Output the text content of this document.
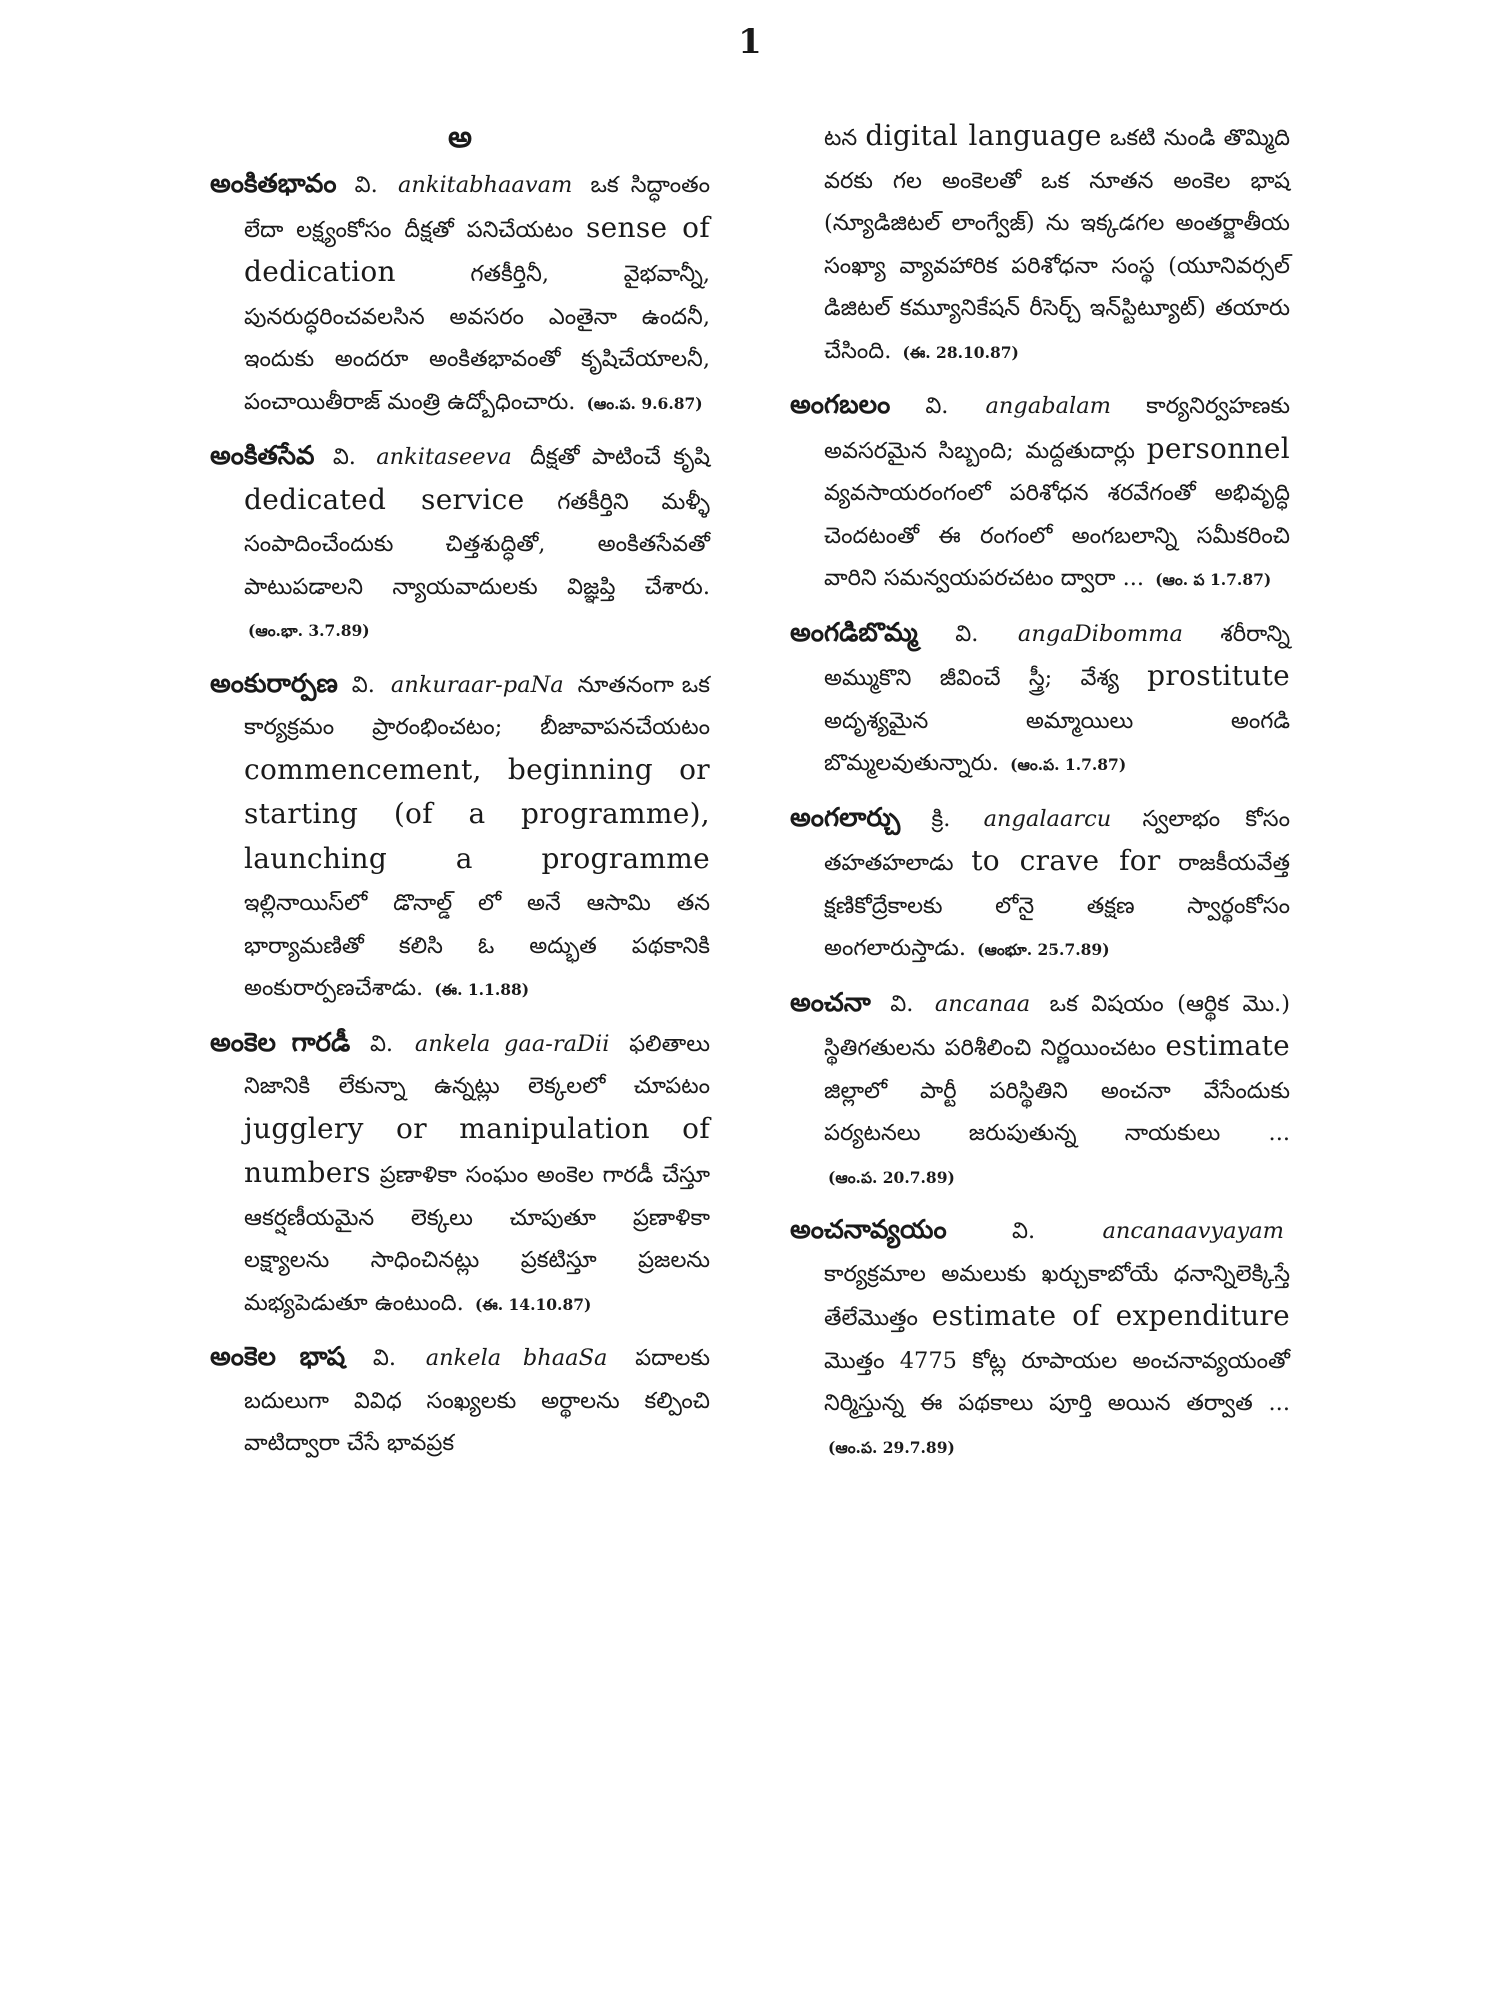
1
అ

అంకితభావం వి. ankitabhaavam ఒక సిద్ధాంతం లేదా లక్ష్యంకోసం దీక్షతో పనిచేయటం sense of dedication	గతకీర్తినీ, వైభవాన్నీ, పునరుద్ధరించవలసిన అవసరం ఎంతైనా ఉందనీ, ఇందుకు అందరూ అంకితభావంతో కృషిచేయాలనీ, పంచాయితీరాజ్ మంత్రి ఉద్బోధించారు. (ఆం.ప. 9.6.87)

అంకితసేవ వి. ankitaseeva దీక్షతో పాటించే కృషి dedicated service గతకీర్తిని మళ్ళీ సంపాదించేందుకు చిత్తశుద్ధితో, అంకితసేవతో పాటుపడాలని న్యాయవాదులకు విజ్ఞప్తి చేశారు. (ఆం.భా. 3.7.89)

అంకురార్పణ వి. ankuraar-paNa నూతనంగా ఒక కార్యక్రమం ప్రారంభించటం; బీజావాపనచేయటం commencement, beginning or starting (of a programme), launching a programme ఇల్లినాయిస్‌లో డొనాల్డ్ లో అనే ఆసామి తన భార్యామణితో కలిసి ఓ అద్భుత పథకానికి అంకురార్పణచేశాడు. (ఈ. 1.1.88)

అంకెల గారడీ వి. ankela gaa-raDii ఫలితాలు నిజానికి లేకున్నా ఉన్నట్లు లెక్కలలో చూపటం jugglery or manipulation of numbers ప్రణాళికా సంఘం అంకెల గారడీ చేస్తూ ఆకర్షణీయమైన లెక్కలు చూపుతూ ప్రణాళికా లక్ష్యాలను సాధించినట్లు ప్రకటిస్తూ ప్రజలను మభ్యపెడుతూ ఉంటుంది. (ఈ. 14.10.87)

అంకెల భాష వి. ankela bhaaSa పదాలకు బదులుగా వివిధ సంఖ్యలకు అర్థాలను కల్పించి వాటిద్వారా చేసే భావప్రక

టన digital language ఒకటి నుండి తొమ్మిది వరకు గల అంకెలతో ఒక నూతన అంకెల భాష (న్యూడిజిటల్ లాంగ్వేజ్) ను ఇక్కడగల అంతర్జాతీయ సంఖ్యా వ్యావహారిక పరిశోధనా సంస్థ (యూనివర్సల్ డిజిటల్ కమ్యూనికేషన్ రీసెర్చ్ ఇన్‌స్టిట్యూట్) తయారు చేసింది. (ఈ. 28.10.87)

అంగబలం వి. angabalam కార్యనిర్వహణకు అవసరమైన సిబ్బంది; మద్దతుదార్లు personnel వ్యవసాయరంగంలో పరిశోధన శరవేగంతో అభివృద్ధి చెందటంతో ఈ రంగంలో అంగబలాన్ని సమీకరించి వారిని సమన్వయపరచటం ద్వారా ... (ఆం. ప 1.7.87)

అంగడిబొమ్మ వి. angaDibomma శరీరాన్ని అమ్ముకొని జీవించే స్త్రీ; వేశ్య prostitute అదృశ్యమైన అమ్మాయిలు అంగడి బొమ్మలవుతున్నారు. (ఆం.ప. 1.7.87)

అంగలార్చు క్రి. angalaarcu స్వలాభం కోసం తహతహలాడు to crave for రాజకీయవేత్త క్షణికోద్రేకాలకు లోనై తక్షణ స్వార్థంకోసం అంగలారుస్తాడు. (ఆంభూ. 25.7.89)

అంచనా వి. ancanaa ఒక విషయం (ఆర్థిక మొ.) స్థితిగతులను పరిశీలించి నిర్ణయించటం estimate జిల్లాలో పార్టీ పరిస్థితిని అంచనా వేసేందుకు పర్యటనలు జరుపుతున్న నాయకులు ... (ఆం.ప. 20.7.89)

అంచనావ్యయం	వి.	ancanaavyayam కార్యక్రమాల అమలుకు ఖర్చుకాబోయే ధనాన్నిలెక్కిస్తే తేలేమొత్తం estimate of expenditure మొత్తం 4775 కోట్ల రూపాయల అంచనావ్యయంతో నిర్మిస్తున్న ఈ పథకాలు పూర్తి అయిన తర్వాత ... (ఆం.ప. 29.7.89)
